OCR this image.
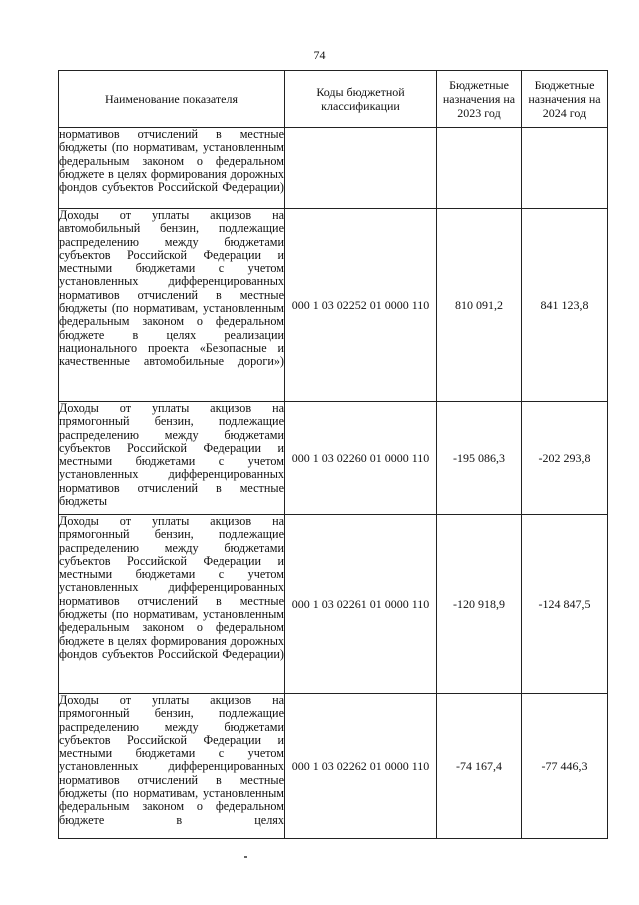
74
Наименование показателя	Коды бюджетной классификации	Бюджетные назначения на 2023 год	Бюджетные назначения на 2024 год
нормативов отчислений в местные бюджеты (по нормативам, установленным федеральным законом о федеральном бюджете в целях формирования дорожных фондов субъектов Российской Федерации)			
Доходы от уплаты акцизов на автомобильный бензин, подлежащие распределению между бюджетами субъектов Российской Федерации и местными бюджетами с учетом установленных дифференцированных нормативов отчислений в местные бюджеты (по нормативам, установленным федеральным законом о федеральном бюджете в целях реализации национального проекта «Безопасные и качественные автомобильные дороги»)	000 1 03 02252 01 0000 110	810 091,2	841 123,8
Доходы от уплаты акцизов на прямогонный бензин, подлежащие распределению между бюджетами субъектов Российской Федерации и местными бюджетами с учетом установленных дифференцированных нормативов отчислений в местные бюджеты	000 1 03 02260 01 0000 110	-195 086,3	-202 293,8
Доходы от уплаты акцизов на прямогонный бензин, подлежащие распределению между бюджетами субъектов Российской Федерации и местными бюджетами с учетом установленных дифференцированных нормативов отчислений в местные бюджеты (по нормативам, установленным федеральным законом о федеральном бюджете в целях формирования дорожных фондов субъектов Российской Федерации)	000 1 03 02261 01 0000 110	-120 918,9	-124 847,5
Доходы от уплаты акцизов на прямогонный бензин, подлежащие распределению между бюджетами субъектов Российской Федерации и местными бюджетами с учетом установленных дифференцированных нормативов отчислений в местные бюджеты (по нормативам, установленным федеральным законом о федеральном бюджете в целях	000 1 03 02262 01 0000 110	-74 167,4	-77 446,3
